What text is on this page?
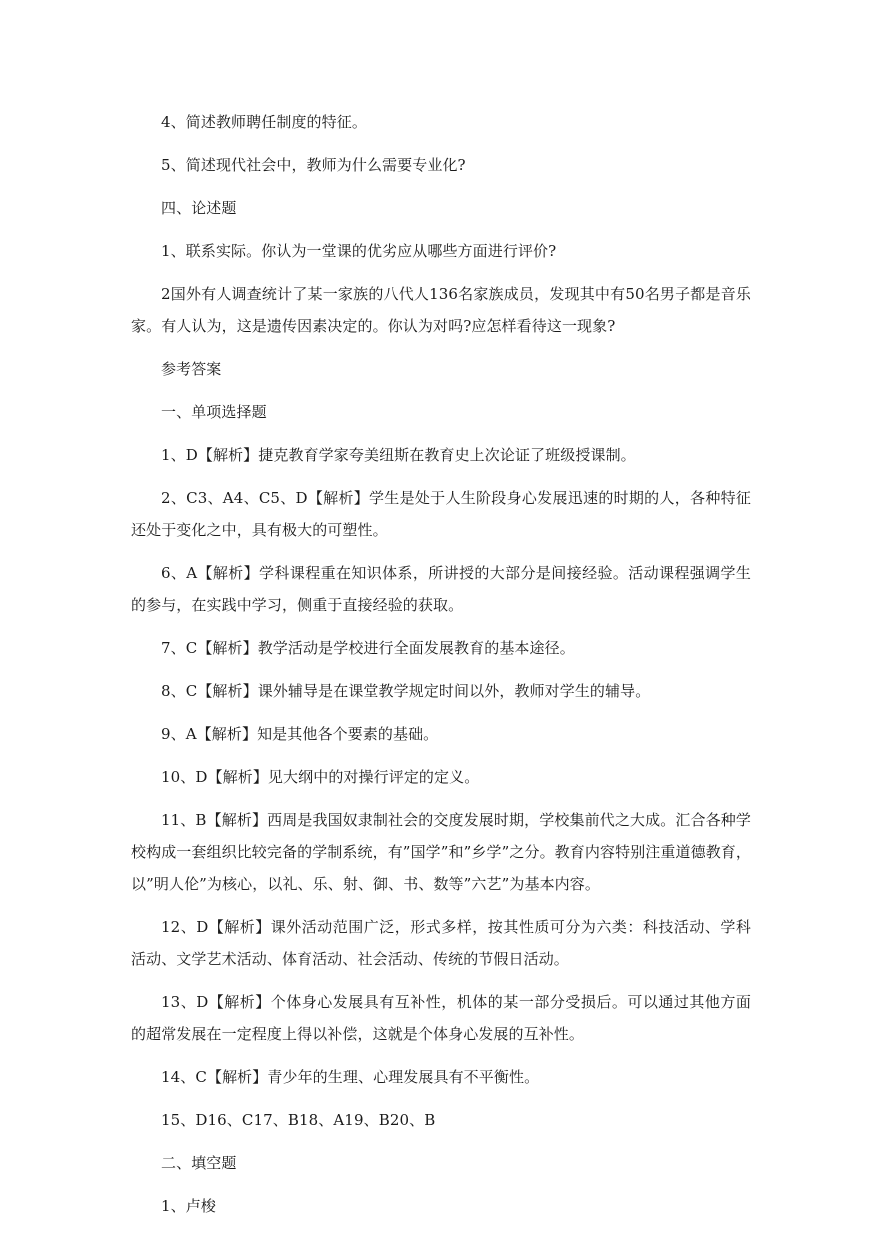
4、简述教师聘任制度的特征。

5、简述现代社会中，教师为什么需要专业化?

四、论述题

1、联系实际。你认为一堂课的优劣应从哪些方面进行评价?

2国外有人调查统计了某一家族的八代人136名家族成员，发现其中有50名男子都是音乐家。有人认为，这是遗传因素决定的。你认为对吗?应怎样看待这一现象?

参考答案

一、单项选择题

1、D【解析】捷克教育学家夸美纽斯在教育史上次论证了班级授课制。

2、C3、A4、C5、D【解析】学生是处于人生阶段身心发展迅速的时期的人，各种特征还处于变化之中，具有极大的可塑性。

6、A【解析】学科课程重在知识体系，所讲授的大部分是间接经验。活动课程强调学生的参与，在实践中学习，侧重于直接经验的获取。

7、C【解析】教学活动是学校进行全面发展教育的基本途径。

8、C【解析】课外辅导是在课堂教学规定时间以外，教师对学生的辅导。

9、A【解析】知是其他各个要素的基础。

10、D【解析】见大纲中的对操行评定的定义。

11、B【解析】西周是我国奴隶制社会的交度发展时期，学校集前代之大成。汇合各种学校构成一套组织比较完备的学制系统，有”国学”和”乡学”之分。教育内容特别注重道德教育，以”明人伦”为核心，以礼、乐、射、御、书、数等”六艺”为基本内容。

12、D【解析】课外活动范围广泛，形式多样，按其性质可分为六类：科技活动、学科活动、文学艺术活动、体育活动、社会活动、传统的节假日活动。

13、D【解析】个体身心发展具有互补性，机体的某一部分受损后。可以通过其他方面的超常发展在一定程度上得以补偿，这就是个体身心发展的互补性。

14、C【解析】青少年的生理、心理发展具有不平衡性。

15、D16、C17、B18、A19、B20、B

二、填空题

1、卢梭
